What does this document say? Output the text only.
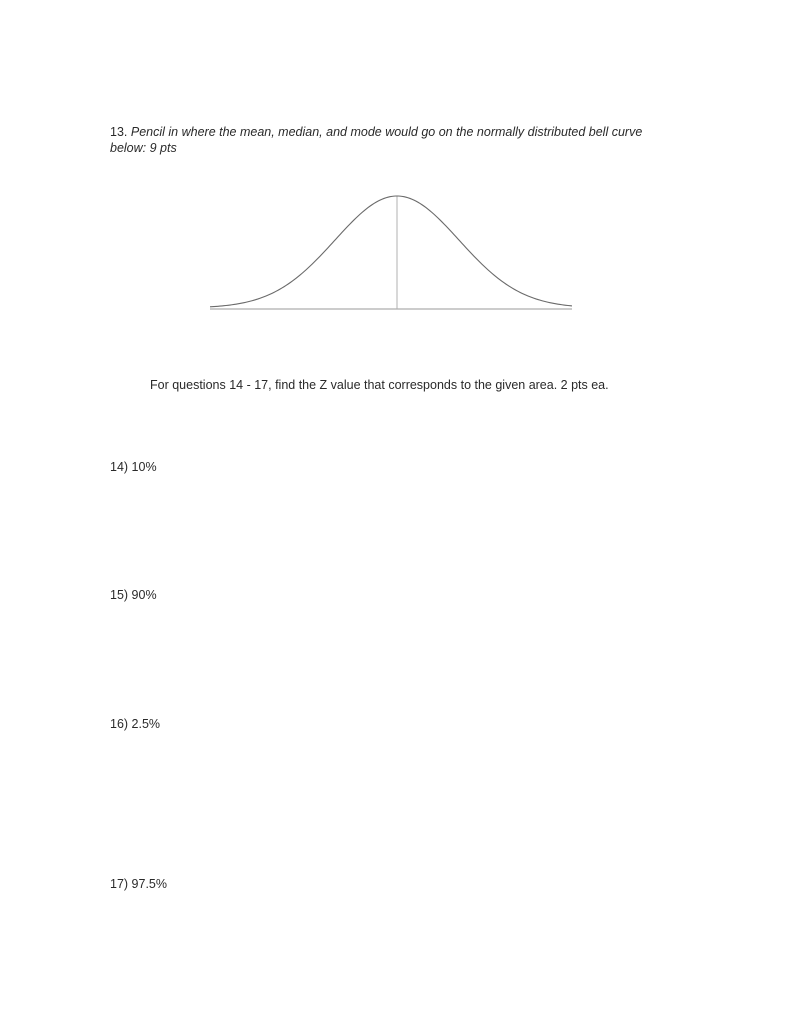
13. Pencil in where the mean, median, and mode would go on the normally distributed bell curve below: 9 pts
For questions 14 - 17, find the Z value that corresponds to the given area. 2 pts ea.
14) 10%
15) 90%
16) 2.5%
17) 97.5%
